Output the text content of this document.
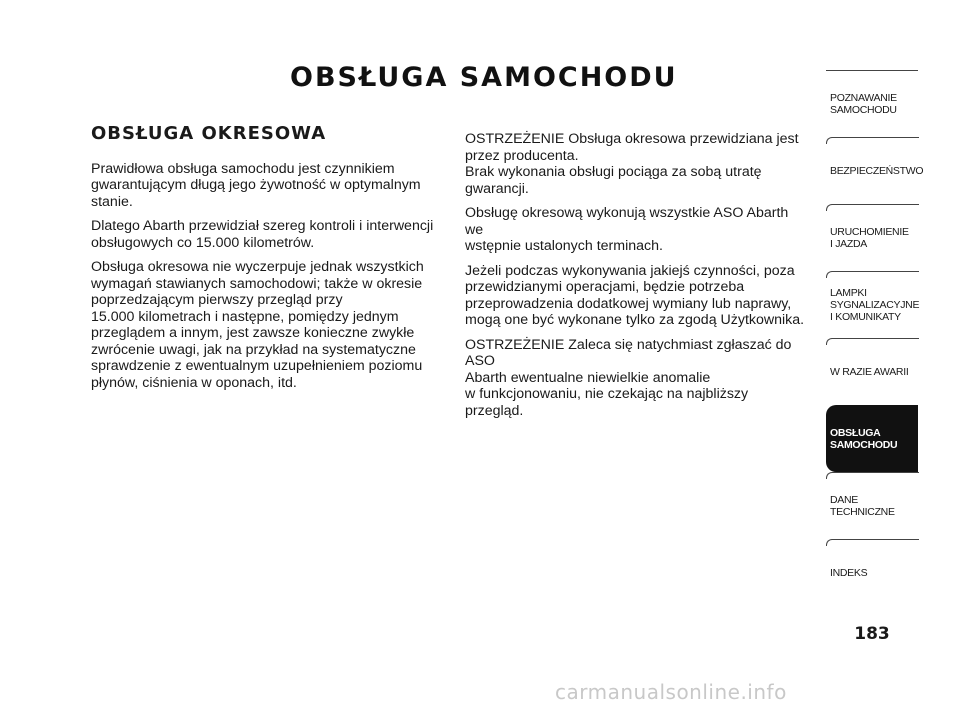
OBSŁUGA SAMOCHODU
OBSŁUGA OKRESOWA

Prawidłowa obsługa samochodu jest czynnikiem
gwarantującym długą jego żywotność w optymalnym
stanie.

Dlatego Abarth przewidział szereg kontroli i interwencji
obsługowych co 15.000 kilometrów.

Obsługa okresowa nie wyczerpuje jednak wszystkich
wymagań stawianych samochodowi; także w okresie
poprzedzającym pierwszy przegląd przy
15.000 kilometrach i następne, pomiędzy jednym
przeglądem a innym, jest zawsze konieczne zwykłe
zwrócenie uwagi, jak na przykład na systematyczne
sprawdzenie z ewentualnym uzupełnieniem poziomu
płynów, ciśnienia w oponach, itd.

OSTRZEŻENIE Obsługa okresowa przewidziana jest
przez producenta.
Brak wykonania obsługi pociąga za sobą utratę
gwarancji.

Obsługę okresową wykonują wszystkie ASO Abarth we
wstępnie ustalonych terminach.

Jeżeli podczas wykonywania jakiejś czynności, poza
przewidzianymi operacjami, będzie potrzeba
przeprowadzenia dodatkowej wymiany lub naprawy,
mogą one być wykonane tylko za zgodą Użytkownika.

OSTRZEŻENIE Zaleca się natychmiast zgłaszać do ASO
Abarth ewentualne niewielkie anomalie
w funkcjonowaniu, nie czekając na najbliższy przegląd.

POZNAWANIE
SAMOCHODU
BEZPIECZEŃSTWO
URUCHOMIENIE
I JAZDA
LAMPKI
SYGNALIZACYJNE
I KOMUNIKATY
W RAZIE AWARII
OBSŁUGA
SAMOCHODU
DANE
TECHNICZNE
INDEKS
183
carmanualsonline.info
